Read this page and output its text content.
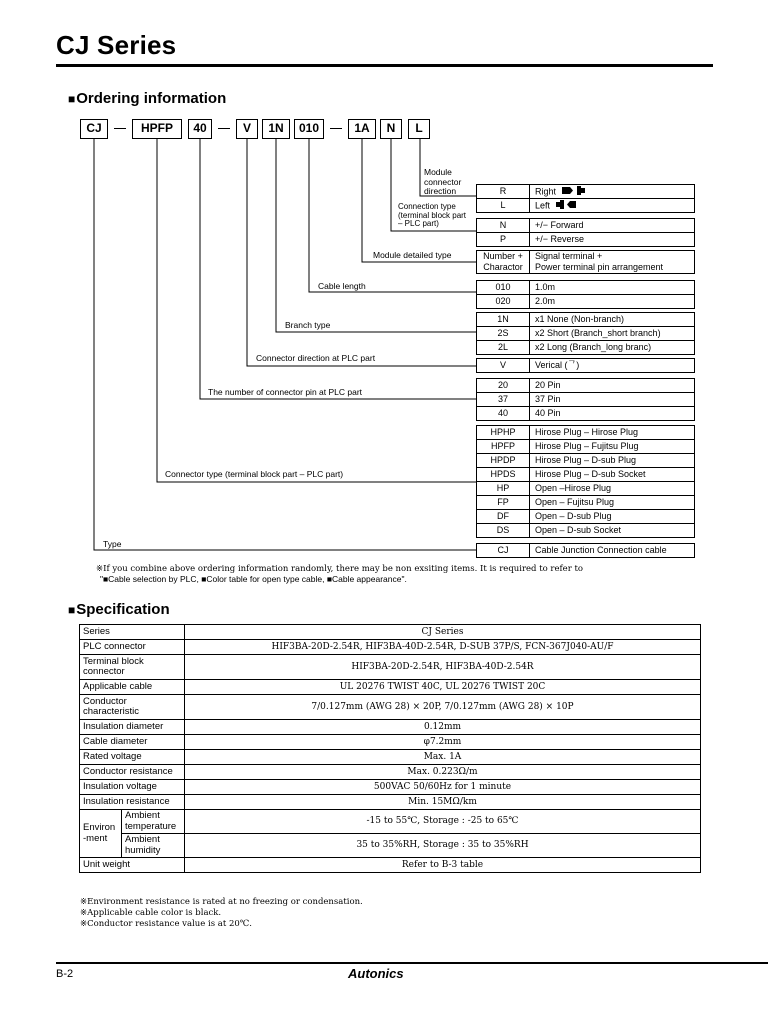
CJ Series
■Ordering information
CJ	HPFP	40	V	1N	010	1A	N	L
Module
connector
direction
Connection type
(terminal block part
– PLC part)
Module detailed type
Cable length
Branch type
Connector direction at PLC part
The number of connector pin at PLC part
Connector type (terminal block part – PLC part)
Type
R	Right
L	Left
N	+/− Forward
P	+/− Reverse
Number +
Charactor	Signal terminal +
Power terminal pin arrangement
010	1.0m
020	2.0m
1N	x1 None (Non-branch)
2S	x2 Short (Branch_short branch)
2L	x2 Long (Branch_long branc)
V	Verical (ᄀ)
20	20 Pin
37	37 Pin
40	40 Pin
HPHP	Hirose Plug – Hirose Plug
HPFP	Hirose Plug – Fujitsu Plug
HPDP	Hirose Plug – D-sub Plug
HPDS	Hirose Plug – D-sub Socket
HP	Open –Hirose Plug
FP	Open – Fujitsu Plug
DF	Open – D-sub Plug
DS	Open – D-sub Socket
CJ	Cable Junction Connection cable
※If you combine above ordering information randomly, there may be non exsiting items. It is required to refer to
"■Cable selection by PLC, ■Color table for open type cable, ■Cable appearance".
■Specification
Series		CJ Series
PLC connector		HIF3BA-20D-2.54R, HIF3BA-40D-2.54R, D-SUB 37P/S, FCN-367J040-AU/F
Terminal block
connector		HIF3BA-20D-2.54R, HIF3BA-40D-2.54R
Applicable cable		UL 20276 TWIST 40C, UL 20276 TWIST 20C
Conductor
characteristic		7/0.127mm (AWG 28) × 20P, 7/0.127mm (AWG 28) × 10P
Insulation diameter		0.12mm
Cable diameter		φ7.2mm
Rated voltage		Max. 1A
Conductor resistance		Max. 0.223Ω/m
Insulation voltage		500VAC 50/60Hz for 1 minute
Insulation resistance		Min. 15MΩ/km
Environ
-ment	Ambient
temperature	-15 to 55℃, Storage : -25 to 65℃
	Ambient
humidity	35 to 35%RH, Storage : 35 to 35%RH
Unit weight		Refer to B-3 table
※Environment resistance is rated at no freezing or condensation.
※Applicable cable color is black.
※Conductor resistance value is at 20℃.
B-2	Autonics
